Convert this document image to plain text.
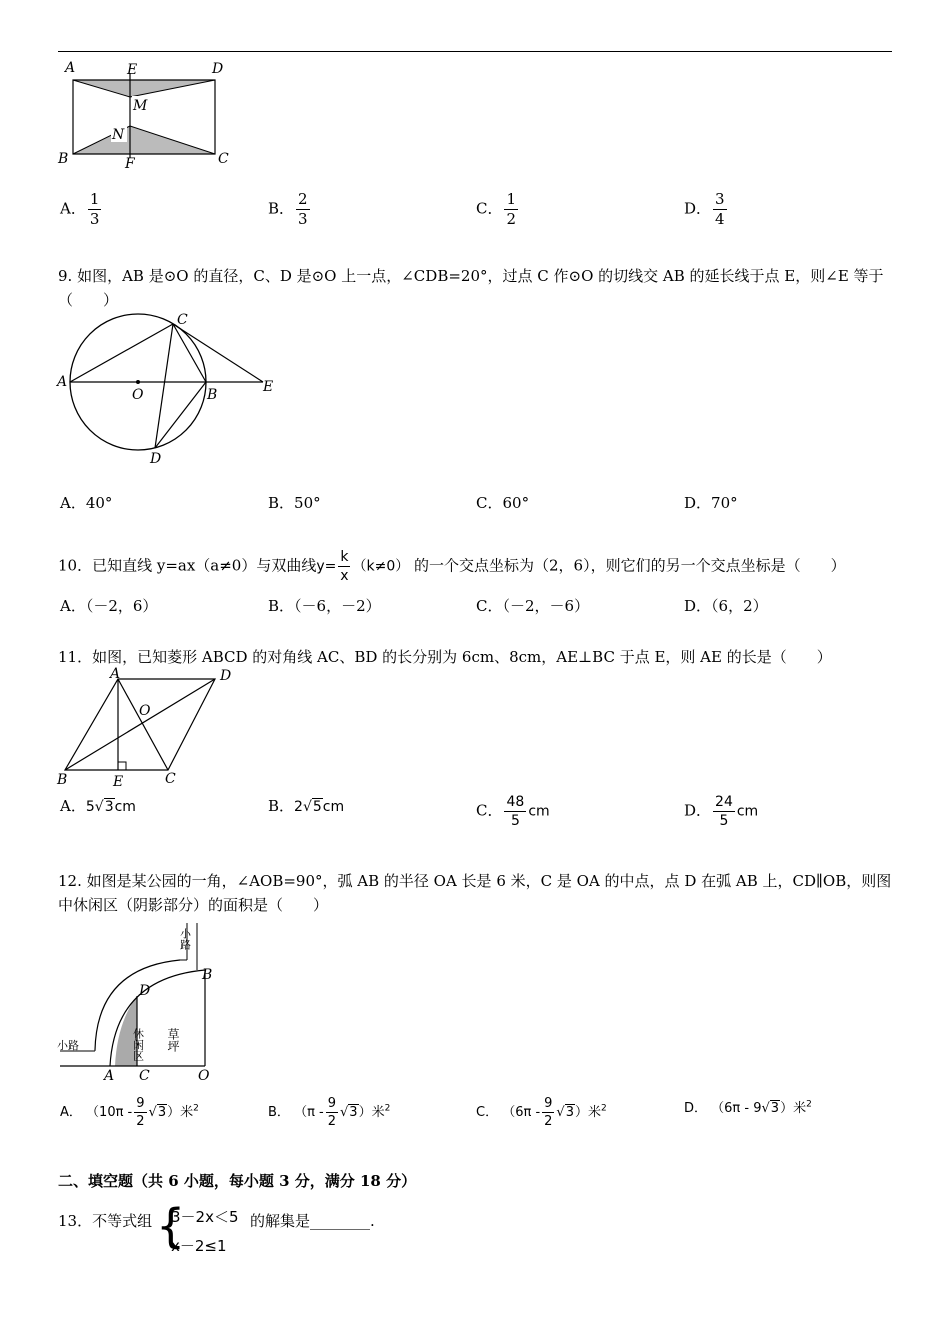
A	E	D
M
N
B	F	C
A． $\frac{1}{3}$	B． $\frac{2}{3}$	C． $\frac{1}{2}$	D． $\frac{3}{4}$
9. 如图，AB 是⊙O 的直径，C、D 是⊙O 上一点，∠CDB=20°，过点 C 作⊙O 的切线交 AB 的延长线于点 E，则∠E 等于（　　）
A
O	B	E
C
D
A．40°	B．50°	C．60°	D．70°
10．已知直线 y=ax（a≠0）与双曲线$y= \frac{k}{x} (k\ne 0)$ 的一个交点坐标为（2，6），则它们的另一个交点坐标是（　　）
A．（－2，6）	B．（－6，－2）	C．（－2，－6）	D．（6，2）
11．如图，已知菱形 ABCD 的对角线 AC、BD 的长分别为 6cm、8cm，AE⊥BC 于点 E，则 AE 的长是（　　）
A	D
O
B	E	C
A．5√3cm	B．2√5cm	C． $\frac{48}{5}$ cm	D． $\frac{24}{5}$ cm
12. 如图是某公园的一角，∠AOB=90°，弧 AB 的半径 OA 长是 6 米，C 是 OA 的中点，点 D 在弧 AB 上，CD∥OB，则图中休闲区（阴影部分）的面积是（　　）
小路
小路	休闲区 草坪
A C	O
B
D
A． $(10\pi - \frac{9}{2} √3)$米$^2$	B． $(\pi - \frac{9}{2} √3)$米$^2$	C． $(6\pi - \frac{9}{2} √3)$米$^2$	D． （6π - 9√3）米$^2$
二、填空题（共 6 小题，每小题 3 分，满分 18 分）
13．不等式组 {
3－2x＜5
x－2≤1
的解集是________.
